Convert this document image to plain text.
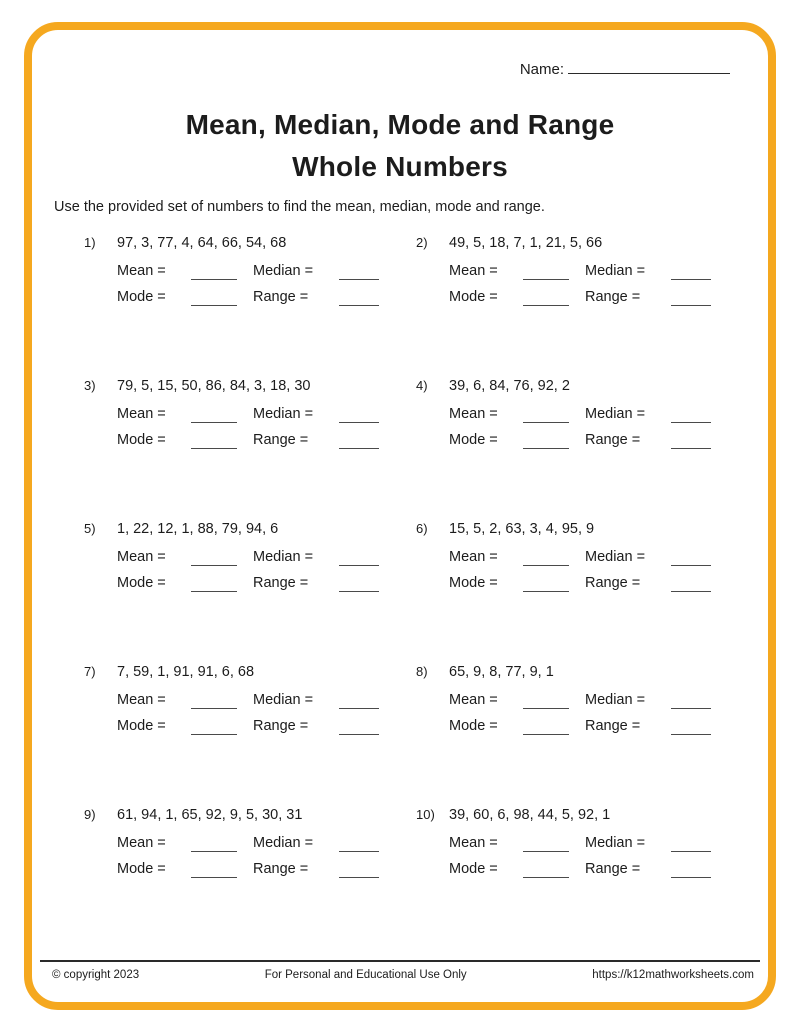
Name:
Mean, Median, Mode and Range
Whole Numbers
Use the provided set of numbers to find the mean, median, mode and range.
1)	97, 3, 77, 4, 64, 66, 54, 68
Mean =	Median =
Mode =	Range =
2)	49, 5, 18, 7, 1, 21, 5, 66
Mean =	Median =
Mode =	Range =
3)	79, 5, 15, 50, 86, 84, 3, 18, 30
Mean =	Median =
Mode =	Range =
4)	39, 6, 84, 76, 92, 2
Mean =	Median =
Mode =	Range =
5)	1, 22, 12, 1, 88, 79, 94, 6
Mean =	Median =
Mode =	Range =
6)	15, 5, 2, 63, 3, 4, 95, 9
Mean =	Median =
Mode =	Range =
7)	7, 59, 1, 91, 91, 6, 68
Mean =	Median =
Mode =	Range =
8)	65, 9, 8, 77, 9, 1
Mean =	Median =
Mode =	Range =
9)	61, 94, 1, 65, 92, 9, 5, 30, 31
Mean =	Median =
Mode =	Range =
10) 39, 60, 6, 98, 44, 5, 92, 1
Mean =	Median =
Mode =	Range =
© copyright 2023	For Personal and Educational Use Only	https://k12mathworksheets.com
